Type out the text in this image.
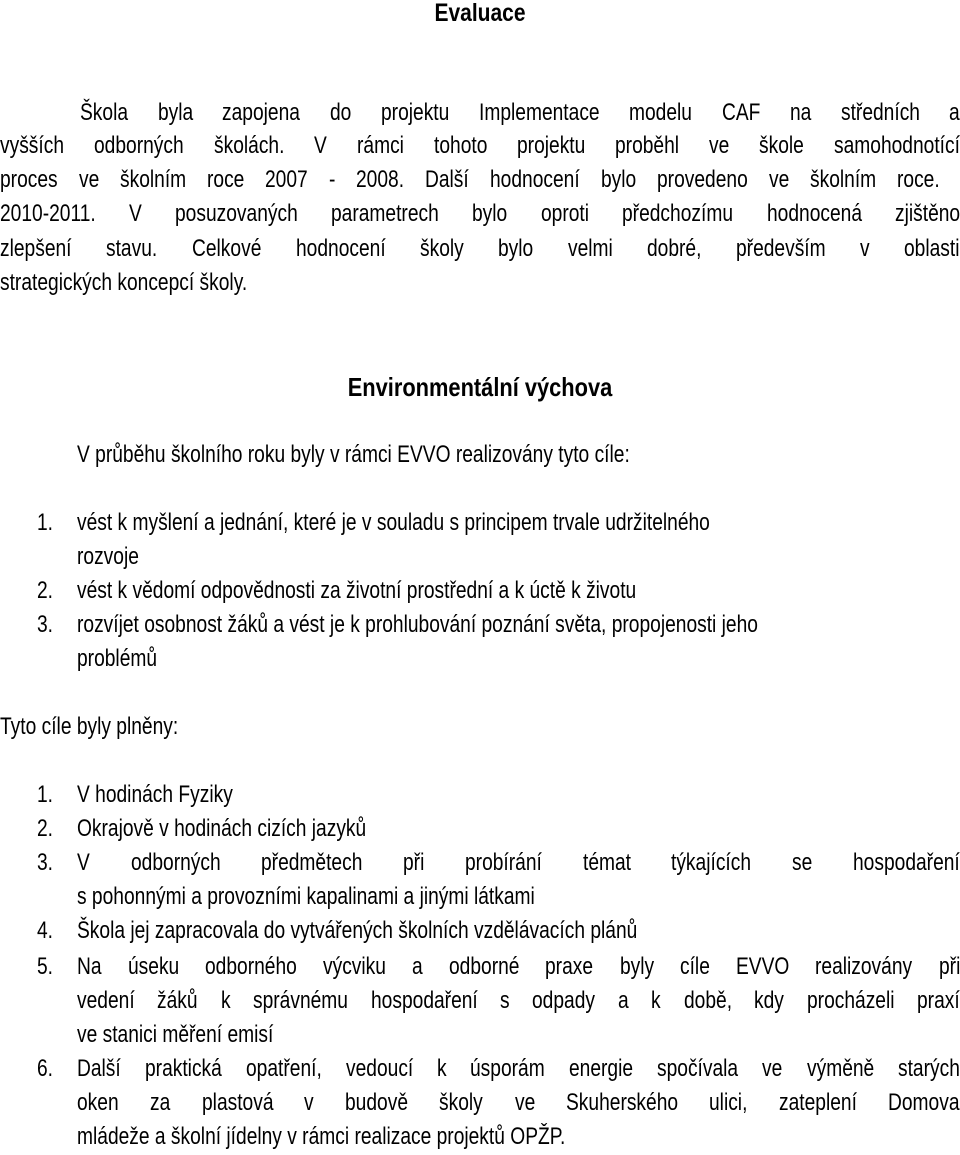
Evaluace
Škola byla zapojena do projektu Implementace modelu CAF na středních a
vyšších odborných školách. V rámci tohoto projektu proběhl ve škole samohodnotící
proces ve školním roce 2007 - 2008. Další hodnocení bylo provedeno ve školním roce.
2010-2011. V posuzovaných parametrech bylo oproti předchozímu hodnocená zjištěno
zlepšení stavu. Celkové hodnocení školy bylo velmi dobré, především v oblasti
strategických koncepcí školy.
Environmentální výchova
V průběhu školního roku byly v rámci EVVO realizovány tyto cíle:
1. vést k myšlení a jednání, které je v souladu s principem trvale udržitelného
rozvoje
2. vést k vědomí odpovědnosti za životní prostřední a k úctě k životu
3. rozvíjet osobnost žáků a vést je k prohlubování poznání světa, propojenosti jeho
problémů
Tyto cíle byly plněny:
1. V hodinách Fyziky
2. Okrajově v hodinách cizích jazyků
3. V odborných předmětech při probírání témat týkajících se hospodaření
s pohonnými a provozními kapalinami a jinými látkami
4. Škola jej zapracovala do vytvářených školních vzdělávacích plánů
5. Na úseku odborného výcviku a odborné praxe byly cíle EVVO realizovány při
vedení žáků k správnému hospodaření s odpady a k době, kdy procházeli praxí
ve stanici měření emisí
6. Další praktická opatření, vedoucí k úsporám energie spočívala ve výměně starých
oken za plastová v budově školy ve Skuherského ulici, zateplení Domova
mládeže a školní jídelny v rámci realizace projektů OPŽP.
